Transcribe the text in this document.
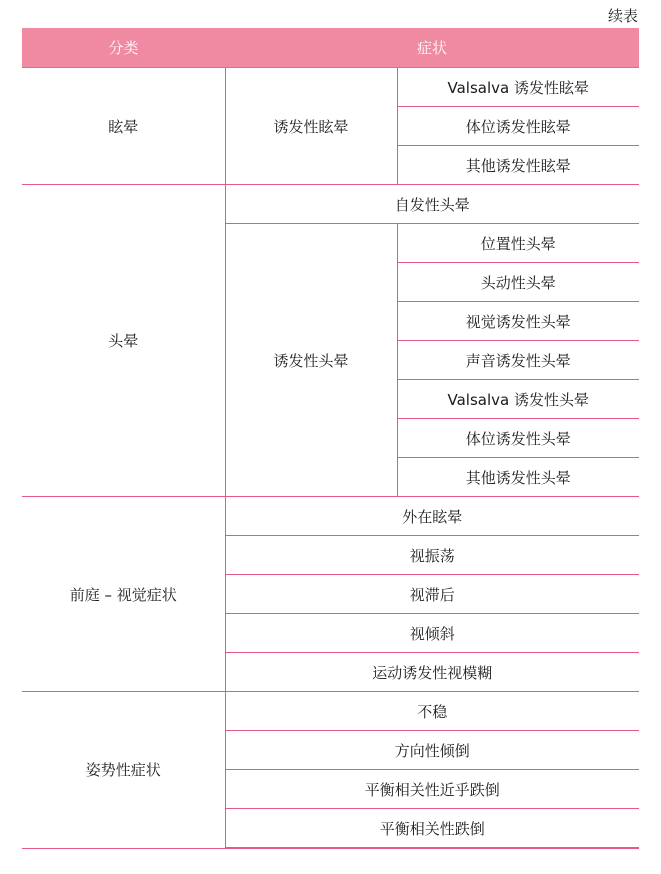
续表
分类	症状	
眩晕	诱发性眩晕	Valsalva 诱发性眩晕
		体位诱发性眩晕
		其他诱发性眩晕
头晕	自发性头晕	
	诱发性头晕	位置性头晕
		头动性头晕
		视觉诱发性头晕
		声音诱发性头晕
		Valsalva 诱发性头晕
		体位诱发性头晕
		其他诱发性头晕
前庭 – 视觉症状	外在眩晕	
	视振荡	
	视滞后	
	视倾斜	
	运动诱发性视模糊	
姿势性症状	不稳	
	方向性倾倒	
	平衡相关性近乎跌倒	
	平衡相关性跌倒	
